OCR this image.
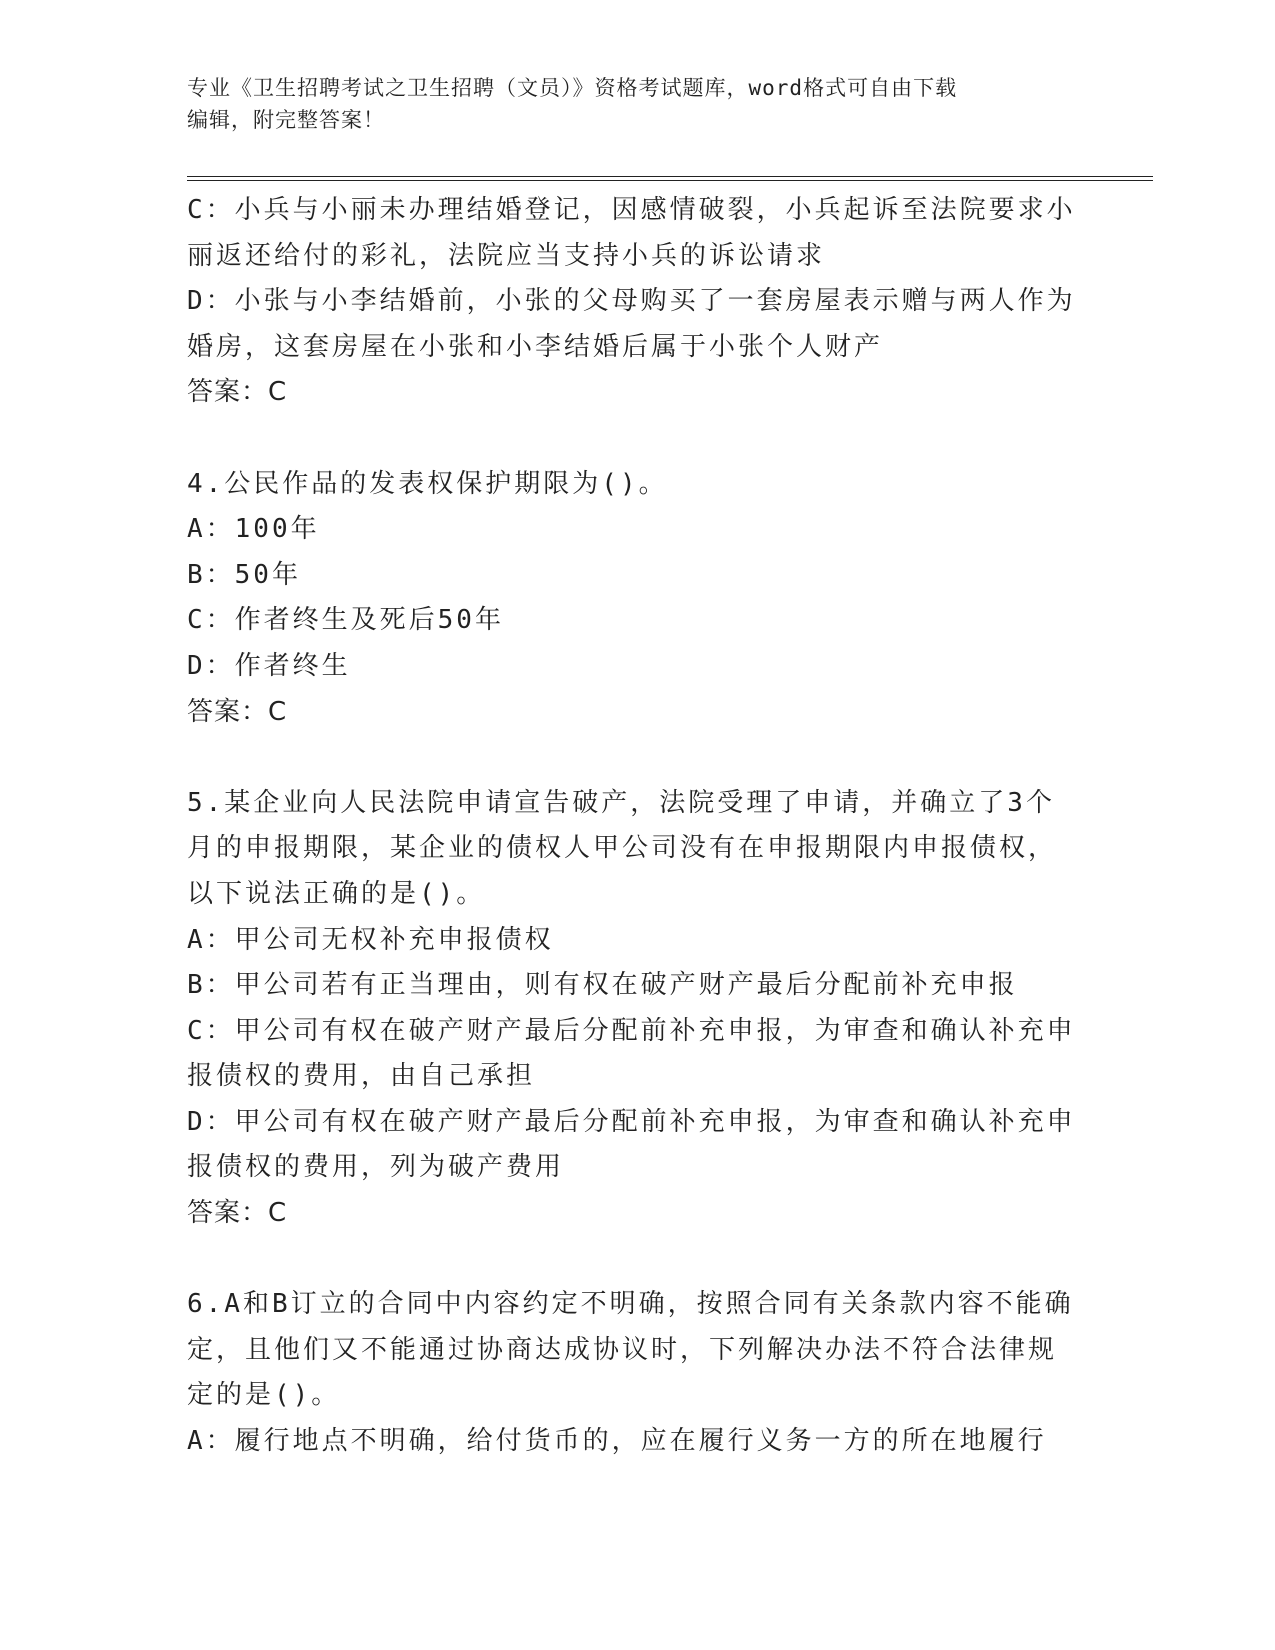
专业《卫生招聘考试之卫生招聘（文员）》资格考试题库，word格式可自由下载
编辑，附完整答案！
C：小兵与小丽未办理结婚登记，因感情破裂，小兵起诉至法院要求小
丽返还给付的彩礼，法院应当支持小兵的诉讼请求
D：小张与小李结婚前，小张的父母购买了一套房屋表示赠与两人作为
婚房，这套房屋在小张和小李结婚后属于小张个人财产
答案：C
4.公民作品的发表权保护期限为()。
A：100年
B：50年
C：作者终生及死后50年
D：作者终生
答案：C
5.某企业向人民法院申请宣告破产，法院受理了申请，并确立了3个
月的申报期限，某企业的债权人甲公司没有在申报期限内申报债权，
以下说法正确的是()。
A：甲公司无权补充申报债权
B：甲公司若有正当理由，则有权在破产财产最后分配前补充申报
C：甲公司有权在破产财产最后分配前补充申报，为审查和确认补充申
报债权的费用，由自己承担
D：甲公司有权在破产财产最后分配前补充申报，为审查和确认补充申
报债权的费用，列为破产费用
答案：C
6.A和B订立的合同中内容约定不明确，按照合同有关条款内容不能确
定，且他们又不能通过协商达成协议时，下列解决办法不符合法律规
定的是()。
A：履行地点不明确，给付货币的，应在履行义务一方的所在地履行
